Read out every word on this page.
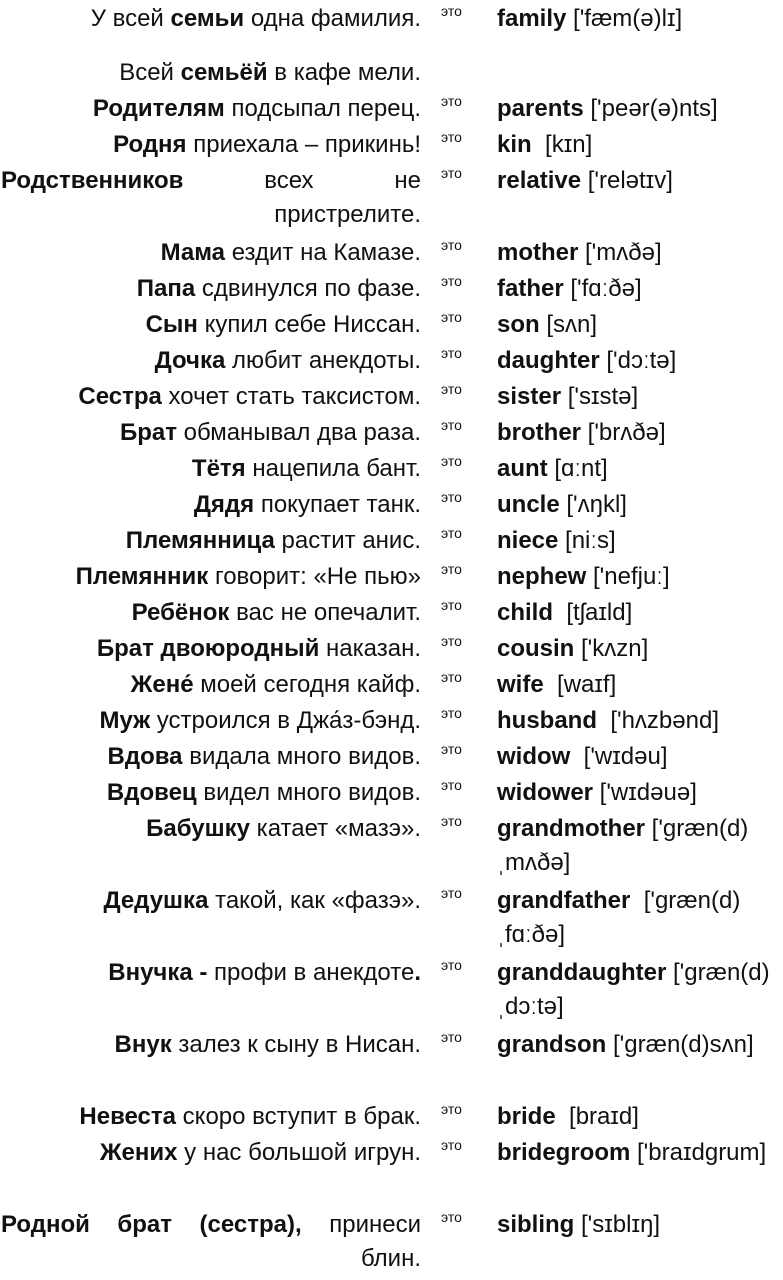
У всей семьи одна фамилия. это family ['fæm(ə)lɪ]
Всей семьёй в кафе мели.
Родителям подсыпал перец. это parents ['peər(ə)nts]
Родня приехала – прикинь! это kin  [kɪn]
Родственников всех не пристрелите.
это relative ['relətɪv]
Мама ездит на Камазе. это mother ['mʌðə]
Папа сдвинулся по фазе. это father ['fɑːðə]
Сын купил себе Ниссан. это son [sʌn]
Дочка любит анекдоты. это daughter ['dɔːtə]
Сестра хочет стать таксистом. это sister ['sɪstə]
Брат обманывал два раза. это brother ['brʌðə]
Тётя нацепила бант. это aunt [ɑːnt]
Дядя покупает танк. это uncle ['ʌŋkl]
Племянница растит анис. это niece [niːs]
Племянник говорит: «Не пью» это nephew ['nefjuː]
Ребёнок вас не опечалит. это child  [tʃaɪld]
Брат двоюродный наказан. это cousin ['kʌzn]
Жене́ моей сегодня кайф. это wife  [waɪf]
Муж устроился в Джа́з-бэнд. это husband  ['hʌzbənd]
Вдова видала много видов. это widow  ['wɪdəu]
Вдовец видел много видов. это widower ['wɪdəuə]
Бабушку катает «мазэ». это grandmother ['græn(d)ˌmʌðə]
Дедушка такой, как «фазэ». это grandfather  ['græn(d)ˌfɑːðə]
Внучка - профи в анекдоте. это granddaughter ['græn(d)ˌdɔːtə]
Внук залез к сыну в Нисан. это grandson ['græn(d)sʌn]
Невеста скоро вступит в брак. это bride  [braɪd]
Жених у нас большой игрун. это bridegroom ['braɪdgrum]
Родной брат (сестра), принеси блин.
это sibling ['sɪblɪŋ]
